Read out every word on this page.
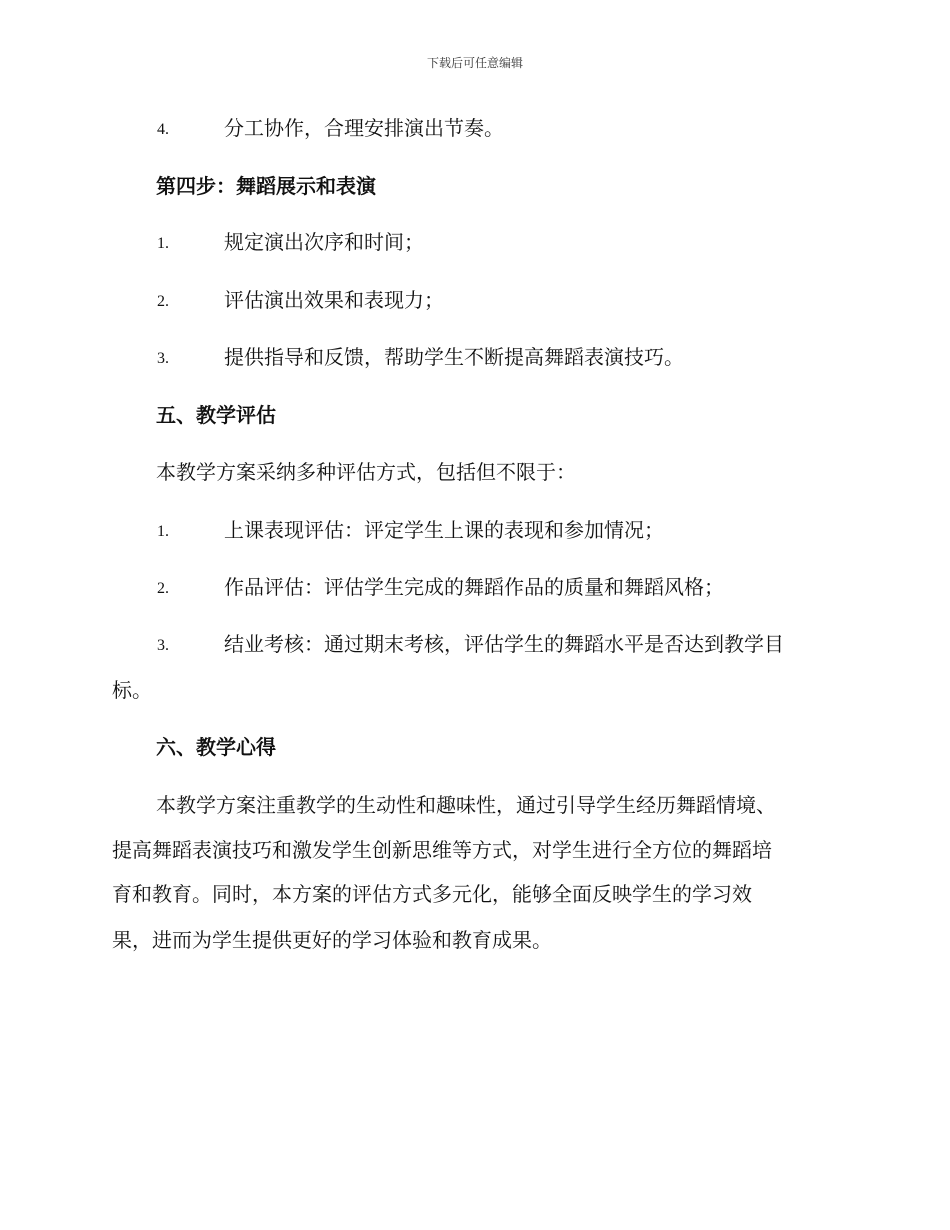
下载后可任意编辑
4.	分工协作，合理安排演出节奏。
第四步：舞蹈展示和表演
1.	规定演出次序和时间；
2.	评估演出效果和表现力；
3.	提供指导和反馈，帮助学生不断提高舞蹈表演技巧。
五、教学评估
本教学方案采纳多种评估方式，包括但不限于：
1.	上课表现评估：评定学生上课的表现和参加情况；
2.	作品评估：评估学生完成的舞蹈作品的质量和舞蹈风格；
3.	结业考核：通过期末考核，评估学生的舞蹈水平是否达到教学目
标。
六、教学心得
本教学方案注重教学的生动性和趣味性，通过引导学生经历舞蹈情境、
提高舞蹈表演技巧和激发学生创新思维等方式，对学生进行全方位的舞蹈培
育和教育。同时，本方案的评估方式多元化，能够全面反映学生的学习效
果，进而为学生提供更好的学习体验和教育成果。
